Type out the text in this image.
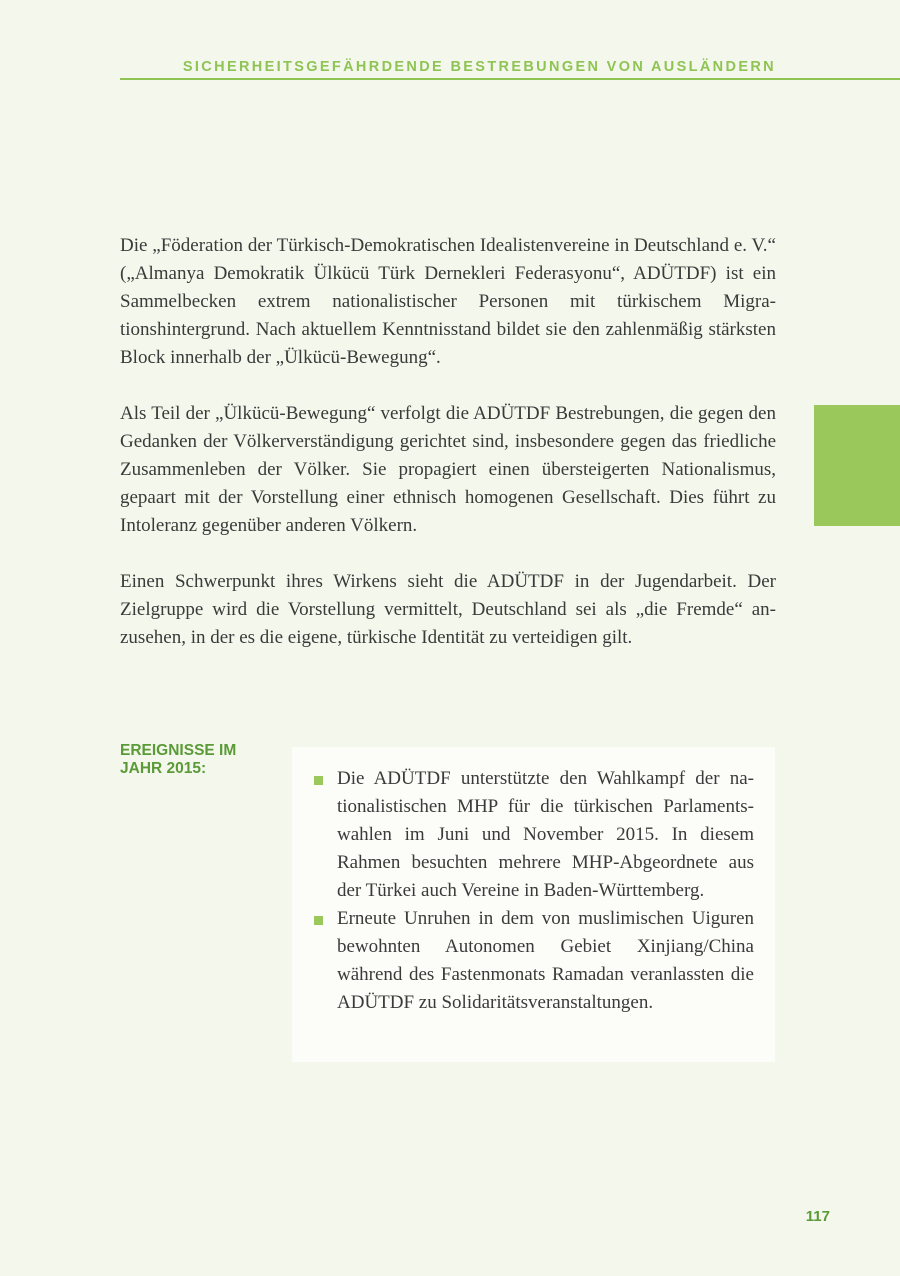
SICHERHEITSGEFÄHRDENDE BESTREBUNGEN VON AUSLÄNDERN

Die „Föderation der Türkisch-Demokratischen Idealistenvereine in Deutschland e. V.“ („Almanya Demokratik Ülkücü Türk Dernekleri Federasyonu“, ADÜTDF) ist ein Sammelbecken extrem nationalistischer Personen mit türkischem Migrationshintergrund. Nach aktuellem Kenntnisstand bildet sie den zahlenmäßig stärksten Block innerhalb der „Ülkücü-Bewegung“.

Als Teil der „Ülkücü-Bewegung“ verfolgt die ADÜTDF Bestrebungen, die gegen den Gedanken der Völkerverständigung gerichtet sind, insbesondere gegen das friedliche Zusammenleben der Völker. Sie propagiert einen übersteigerten Nationalismus, gepaart mit der Vorstellung einer ethnisch homogenen Gesellschaft. Dies führt zu Intoleranz gegenüber anderen Völkern.

Einen Schwerpunkt ihres Wirkens sieht die ADÜTDF in der Jugendarbeit. Der Zielgruppe wird die Vorstellung vermittelt, Deutschland sei als „die Fremde“ anzusehen, in der es die eigene, türkische Identität zu verteidigen gilt.

EREIGNISSE IM JAHR 2015:	Die ADÜTDF unterstützte den Wahlkampf der nationalistischen MHP für die türkischen Parlamentswahlen im Juni und November 2015. In diesem Rahmen besuchten mehrere MHP-Abgeordnete aus der Türkei auch Vereine in Baden-Württemberg.
Erneute Unruhen in dem von muslimischen Uiguren bewohnten Autonomen Gebiet Xinjiang/China während des Fastenmonats Ramadan veranlassten die ADÜTDF zu Solidaritätsveranstaltungen.
117
